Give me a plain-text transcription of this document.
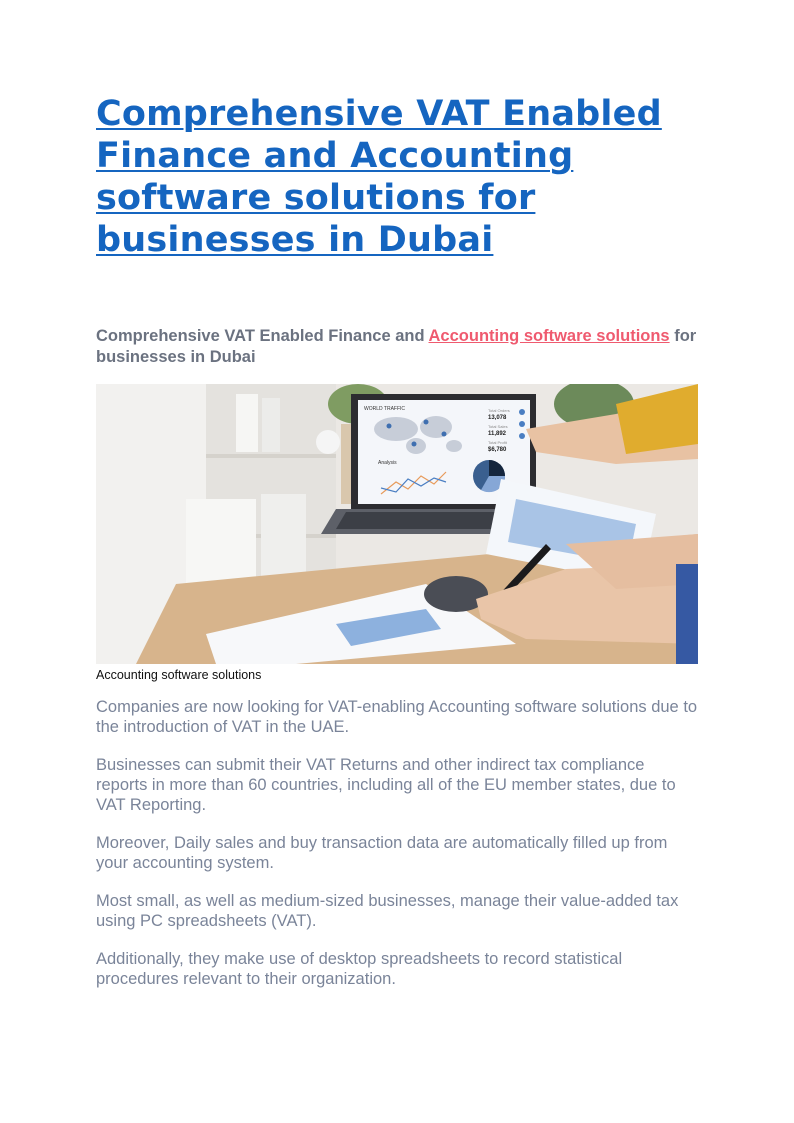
Comprehensive VAT Enabled Finance and Accounting software solutions for businesses in Dubai

Comprehensive VAT Enabled Finance and Accounting software solutions for businesses in Dubai

WORLD TRAFFIC	Total Orders
13,078
Total Sales
11,892
Total Profit
$6,780
Analysis
Accounting software solutions

Companies are now looking for VAT-enabling Accounting software solutions due to the introduction of VAT in the UAE.

Businesses can submit their VAT Returns and other indirect tax compliance reports in more than 60 countries, including all of the EU member states, due to VAT Reporting.

Moreover, Daily sales and buy transaction data are automatically filled up from your accounting system.

Most small, as well as medium-sized businesses, manage their value-added tax using PC spreadsheets (VAT).

Additionally, they make use of desktop spreadsheets to record statistical procedures relevant to their organization.
